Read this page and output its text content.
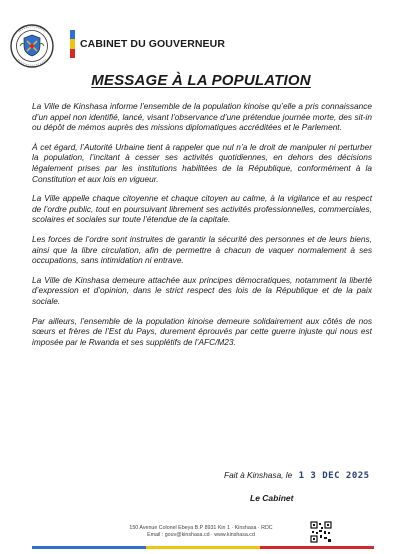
CABINET DU GOUVERNEUR
MESSAGE À LA POPULATION

La Ville de Kinshasa informe l’ensemble de la population kinoise qu’elle a pris connaissance d’un appel non identifié, lancé, visant l’observance d’une prétendue journée morte, des sit-in ou dépôt de mémos auprès des missions diplomatiques accréditées et le Parlement.

À cet égard, l’Autorité Urbaine tient à rappeler que nul n’a le droit de manipuler ni perturber la population, l’incitant à cesser ses activités quotidiennes, en dehors des décisions légalement prises par les institutions habilitées de la République, conformément à la Constitution et aux lois en vigueur.

La Ville appelle chaque citoyenne et chaque citoyen au calme, à la vigilance et au respect de l’ordre public, tout en poursuivant librement ses activités professionnelles, commerciales, scolaires et sociales sur toute l’étendue de la capitale.

Les forces de l’ordre sont instruites de garantir la sécurité des personnes et de leurs biens, ainsi que la libre circulation, afin de permettre à chacun de vaquer normalement à ses occupations, sans intimidation ni entrave.

La Ville de Kinshasa demeure attachée aux principes démocratiques, notamment la liberté d’expression et d’opinion, dans le strict respect des lois de la République et de la paix sociale.

Par ailleurs, l’ensemble de la population kinoise demeure solidairement aux côtés de nos sœurs et frères de l’Est du Pays, durement éprouvés par cette guerre injuste qui nous est imposée par le Rwanda et ses supplétifs de l’AFC/M23.

Fait à Kinshasa, le 1 3 DEC 2025
Le Cabinet
150 Avenue Colonel Ebeya B.P 8931 Kin 1 · Kinshasa · RDC
Email : gouv@kinshasa.cd · www.kinshasa.cd
